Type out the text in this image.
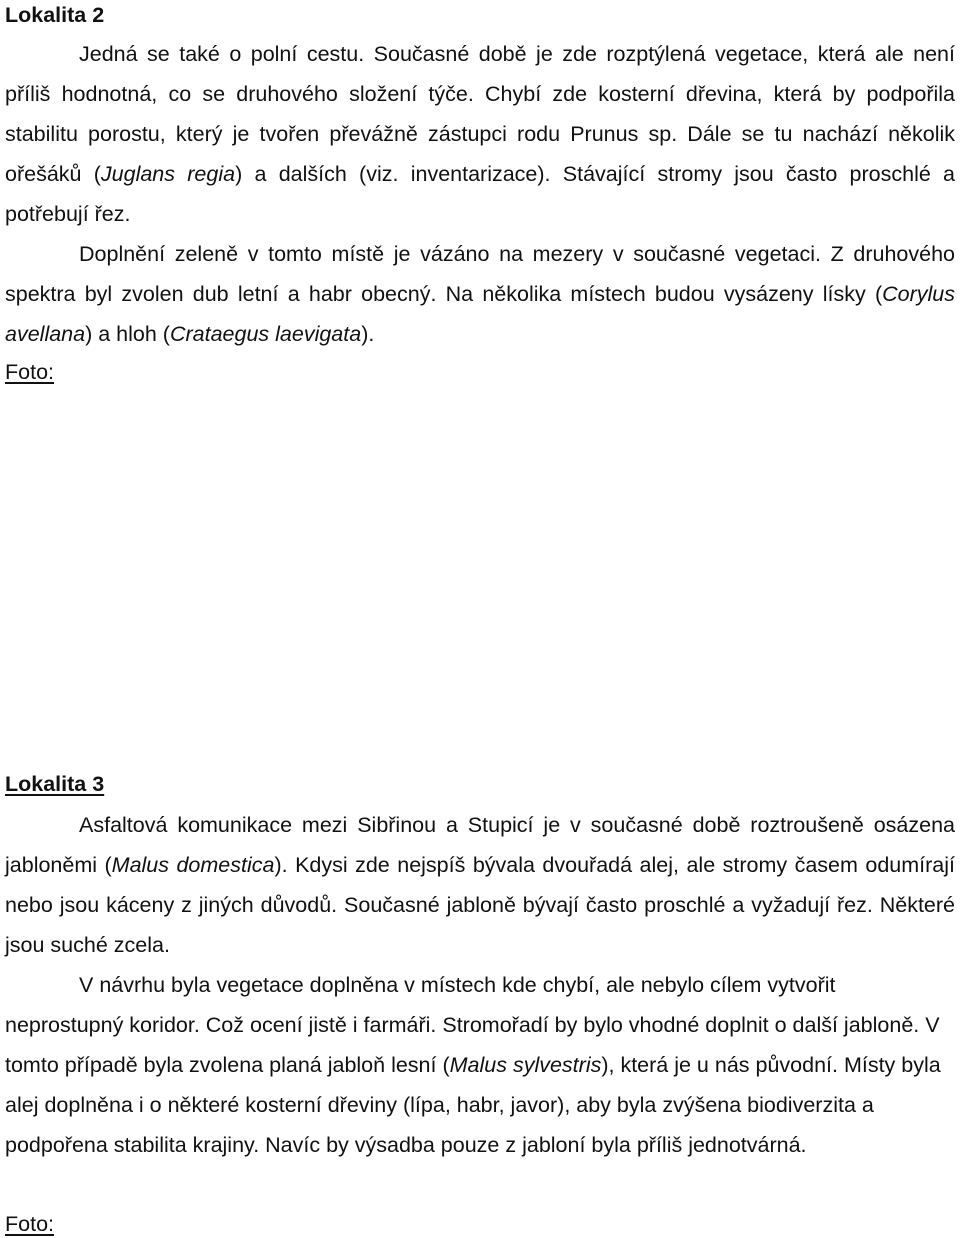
Lokalita 2

Jedná se také o polní cestu. Současné době je zde rozptýlená vegetace, která ale není příliš hodnotná, co se druhového složení týče. Chybí zde kosterní dřevina, která by podpořila stabilitu porostu, který je tvořen převážně zástupci rodu Prunus sp. Dále se tu nachází několik ořešáků (Juglans regia) a dalších (viz. inventarizace). Stávající stromy jsou často proschlé a potřebují řez.

Doplnění zeleně v tomto místě je vázáno na mezery v současné vegetaci. Z druhového spektra byl zvolen dub letní a habr obecný. Na několika místech budou vysázeny lísky (Corylus avellana) a hloh (Crataegus laevigata).

Foto:
Lokalita 3

Asfaltová komunikace mezi Sibřinou a Stupicí je v současné době roztroušeně osázena jabloněmi (Malus domestica). Kdysi zde nejspíš bývala dvouřadá alej, ale stromy časem odumírají nebo jsou káceny z jiných důvodů. Současné jabloně bývají často proschlé a vyžadují řez. Některé jsou suché zcela.

V návrhu byla vegetace doplněna v místech kde chybí, ale nebylo cílem vytvořit neprostupný koridor. Což ocení jistě i farmáři. Stromořadí by bylo vhodné doplnit o další jabloně. V tomto případě byla zvolena planá jabloň lesní (Malus sylvestris), která je u nás původní. Místy byla alej doplněna i o některé kosterní dřeviny (lípa, habr, javor), aby byla zvýšena biodiverzita a podpořena stabilita krajiny. Navíc by výsadba pouze z jabloní byla příliš jednotvárná.

Foto:
